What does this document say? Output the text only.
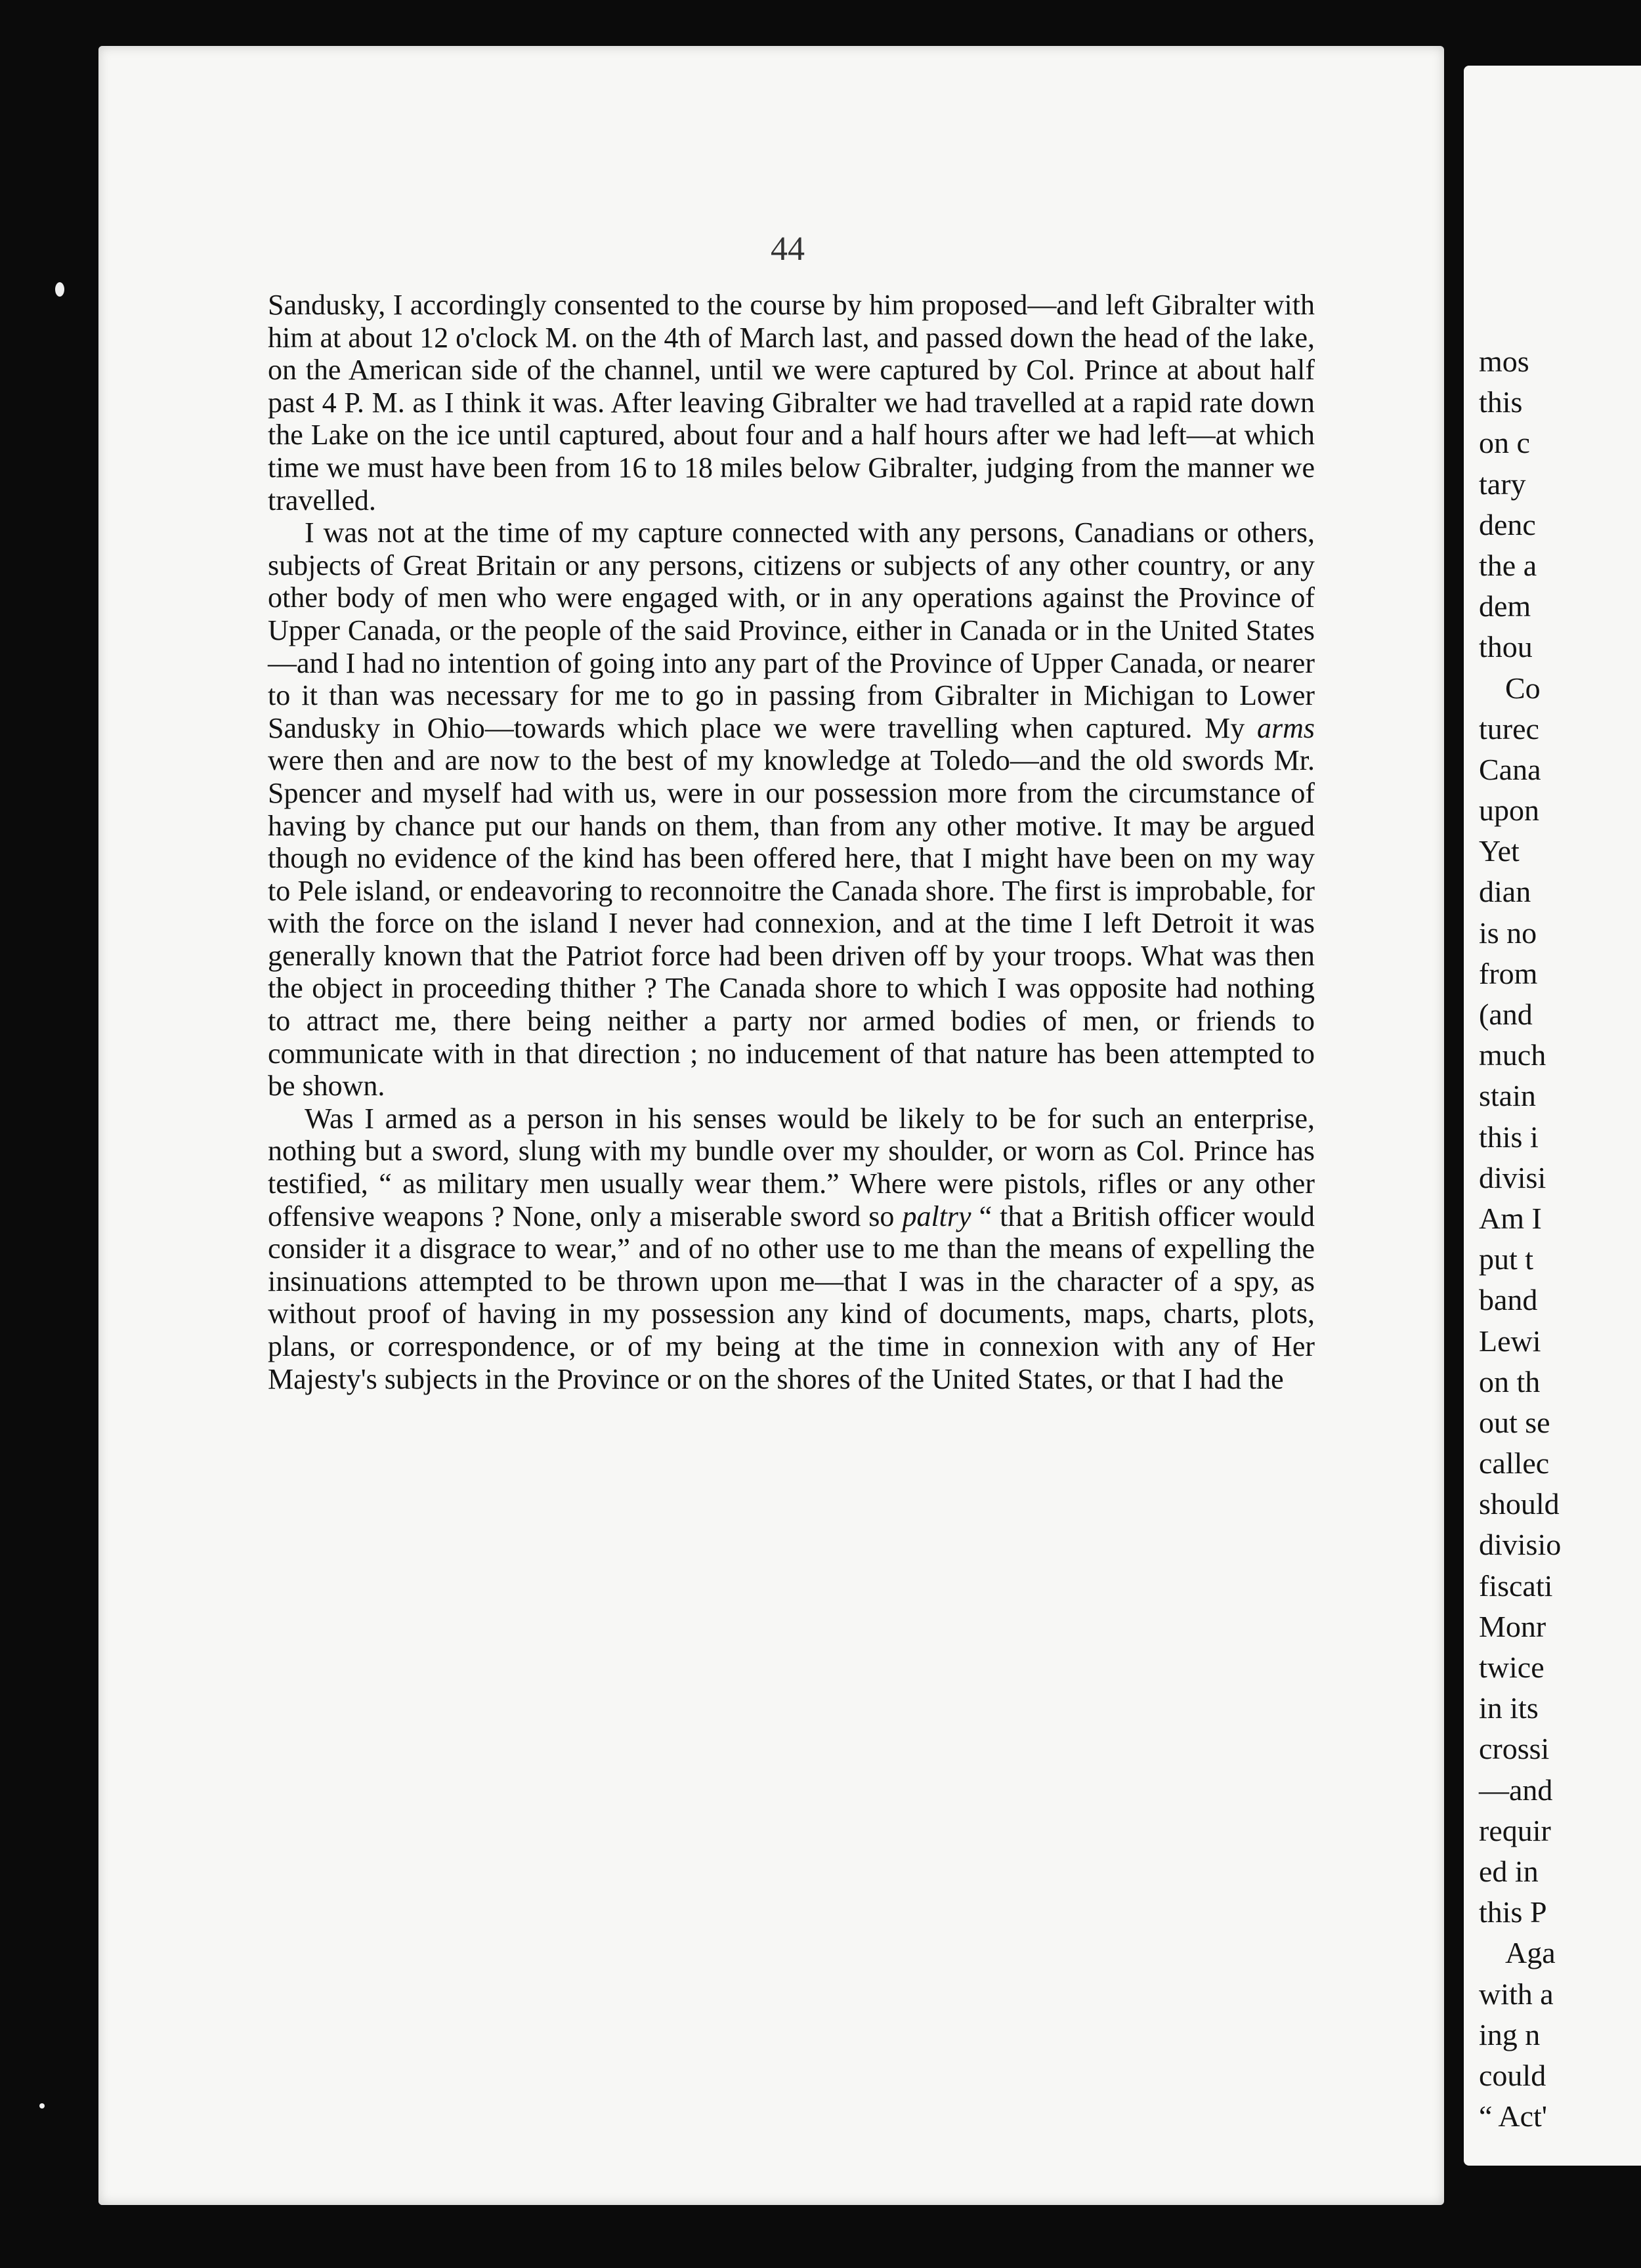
44

Sandusky, I accordingly consented to the course by him proposed—and left Gibralter with him at about 12 o'clock M. on the 4th of March last, and passed down the head of the lake, on the American side of the channel, until we were captured by Col. Prince at about half past 4 P. M. as I think it was. After leaving Gibralter we had travelled at a rapid rate down the Lake on the ice until captured, about four and a half hours after we had left—at which time we must have been from 16 to 18 miles below Gibralter, judging from the manner we travelled.

I was not at the time of my capture connected with any persons, Canadians or others, subjects of Great Britain or any persons, citizens or subjects of any other country, or any other body of men who were engaged with, or in any operations against the Province of Upper Canada, or the people of the said Province, either in Canada or in the United States—and I had no intention of going into any part of the Province of Upper Canada, or nearer to it than was necessary for me to go in passing from Gibralter in Michigan to Lower Sandusky in Ohio—towards which place we were travelling when captured. My arms were then and are now to the best of my knowledge at Toledo—and the old swords Mr. Spencer and myself had with us, were in our possession more from the circumstance of having by chance put our hands on them, than from any other motive. It may be argued though no evidence of the kind has been offered here, that I might have been on my way to Pele island, or endeavoring to reconnoitre the Canada shore. The first is improbable, for with the force on the island I never had connexion, and at the time I left Detroit it was generally known that the Patriot force had been driven off by your troops. What was then the object in proceeding thither ? The Canada shore to which I was opposite had nothing to attract me, there being neither a party nor armed bodies of men, or friends to communicate with in that direction ; no inducement of that nature has been attempted to be shown.

Was I armed as a person in his senses would be likely to be for such an enterprise, nothing but a sword, slung with my bundle over my shoulder, or worn as Col. Prince has testified, “ as military men usually wear them.” Where were pistols, rifles or any other offensive weapons ? None, only a miserable sword so paltry “ that a British officer would consider it a disgrace to wear,” and of no other use to me than the means of expelling the insinuations attempted to be thrown upon me—that I was in the character of a spy, as without proof of having in my possession any kind of documents, maps, charts, plots, plans, or correspondence, or of my being at the time in connexion with any of Her Majesty's subjects in the Province or on the shores of the United States, or that I had the

mos
this
on c
tary
denc
the a
dem
thou
Co
turec
Cana
upon
Yet
dian
is no
from
(and
much
stain
this i
divisi
Am I
put t
band
Lewi
on th
out se
callec
should
divisio
fiscati
Monr
twice
in its
crossi
—and
requir
ed in
this P
Aga
with a
ing n
could
“ Act'
